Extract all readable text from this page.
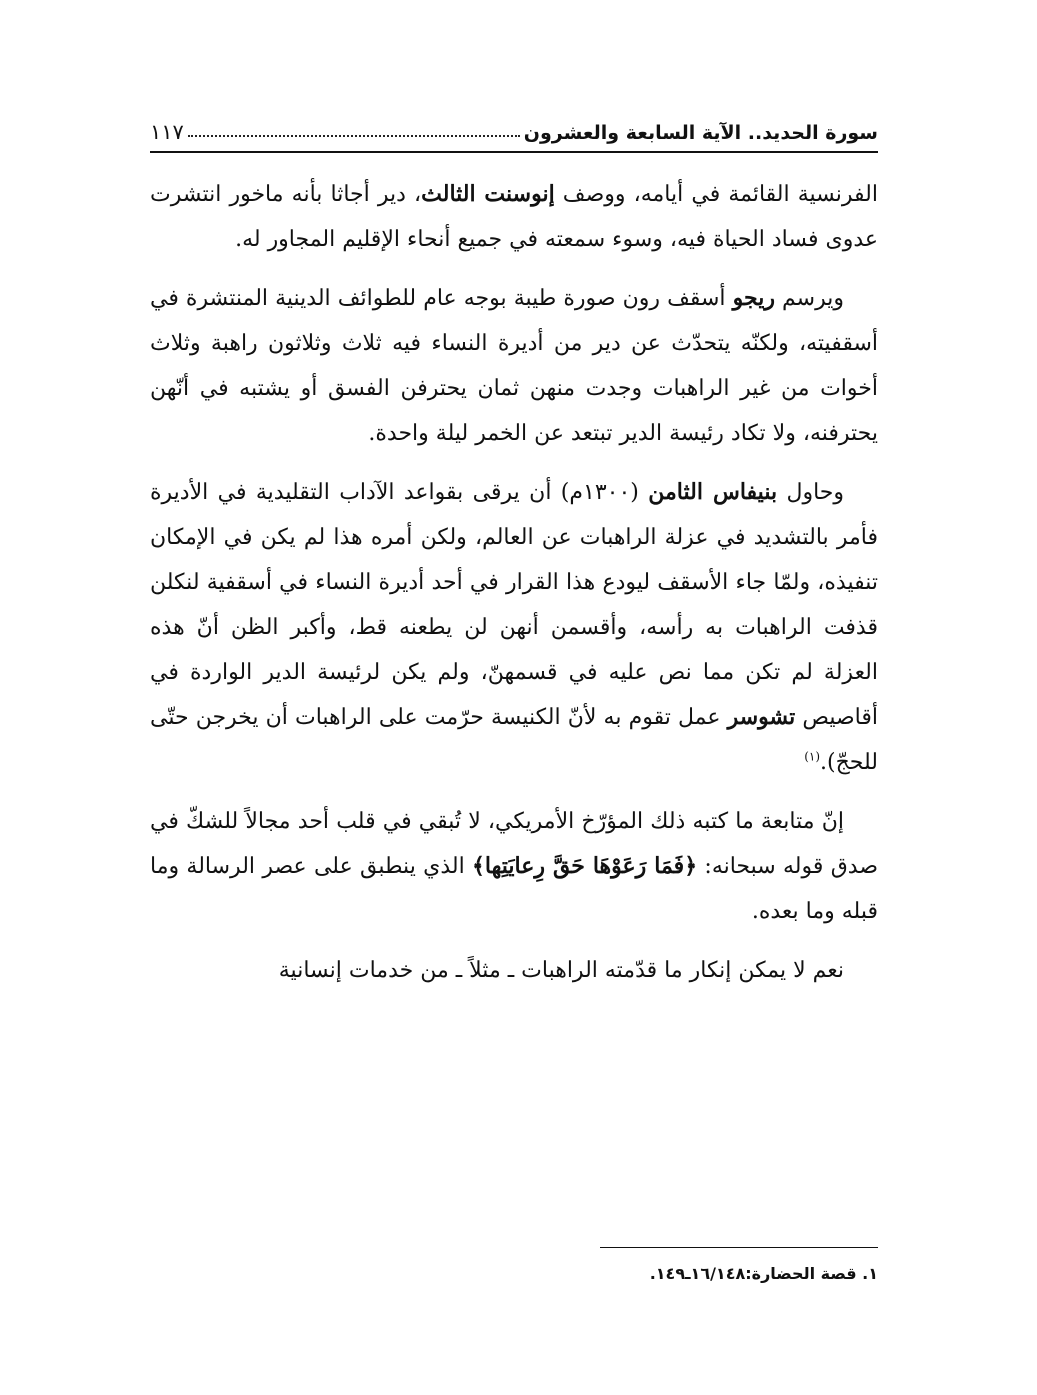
سورة الحديد.. الآية السابعة والعشرون
١١٧

الفرنسية القائمة في أيامه، ووصف إنوسنت الثالث، دير أجاثا بأنه ماخور انتشرت عدوى فساد الحياة فيه، وسوء سمعته في جميع أنحاء الإقليم المجاور له.

ويرسم ريجو أسقف رون صورة طيبة بوجه عام للطوائف الدينية المنتشرة في أسقفيته، ولكنّه يتحدّث عن دير من أديرة النساء فيه ثلاث وثلاثون راهبة وثلاث أخوات من غير الراهبات وجدت منهن ثمان يحترفن الفسق أو يشتبه في أنّهن يحترفنه، ولا تكاد رئيسة الدير تبتعد عن الخمر ليلة واحدة.

وحاول بنيفاس الثامن (١٣٠٠م) أن يرقى بقواعد الآداب التقليدية في الأديرة فأمر بالتشديد في عزلة الراهبات عن العالم، ولكن أمره هذا لم يكن في الإمكان تنفيذه، ولمّا جاء الأسقف ليودع هذا القرار في أحد أديرة النساء في أسقفية لنكلن قذفت الراهبات به رأسه، وأقسمن أنهن لن يطعنه قط، وأكبر الظن أنّ هذه العزلة لم تكن مما نص عليه في قسمهنّ، ولم يكن لرئيسة الدير الواردة في أقاصيص تشوسر عمل تقوم به لأنّ الكنيسة حرّمت على الراهبات أن يخرجن حتّى للحجّ).$^{(١)}$

إنّ متابعة ما كتبه ذلك المؤرّخ الأمريكي، لا تُبقي في قلب أحد مجالاً للشكّ في صدق قوله سبحانه: ﴿فَمَا رَعَوْهَا حَقَّ رِعايَتِها﴾ الذي ينطبق على عصر الرسالة وما قبله وما بعده.

نعم لا يمكن إنكار ما قدّمته الراهبات ـ مثلاً ـ من خدمات إنسانية

١. قصة الحضارة:١٦/١٤٨ـ١٤٩.
